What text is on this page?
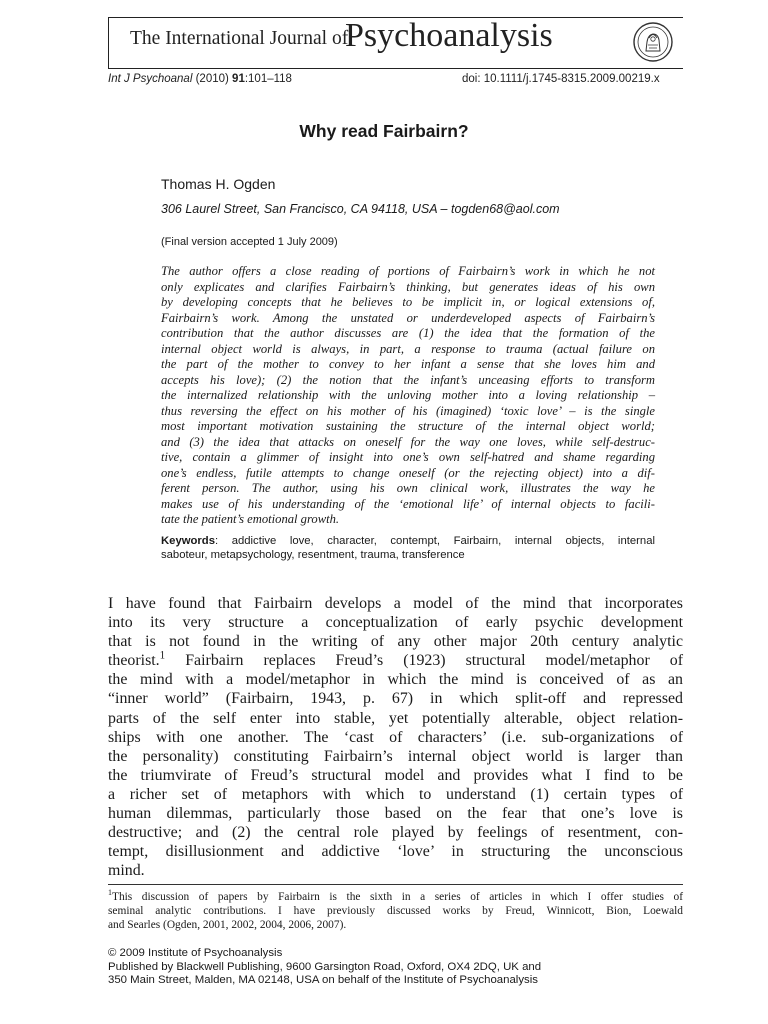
The International Journal of
Psychoanalysis
Int J Psychoanal (2010) 91:101–118	doi: 10.1111/j.1745-8315.2009.00219.x
Why read Fairbairn?
Thomas H. Ogden
306 Laurel Street, San Francisco, CA 94118, USA – togden68@aol.com
(Final version accepted 1 July 2009)
The author offers a close reading of portions of Fairbairn’s work in which he not
only explicates and clarifies Fairbairn’s thinking, but generates ideas of his own
by developing concepts that he believes to be implicit in, or logical extensions of,
Fairbairn’s work. Among the unstated or underdeveloped aspects of Fairbairn’s
contribution that the author discusses are (1) the idea that the formation of the
internal object world is always, in part, a response to trauma (actual failure on
the part of the mother to convey to her infant a sense that she loves him and
accepts his love); (2) the notion that the infant’s unceasing efforts to transform
the internalized relationship with the unloving mother into a loving relationship –
thus reversing the effect on his mother of his (imagined) ‘toxic love’ – is the single
most important motivation sustaining the structure of the internal object world;
and (3) the idea that attacks on oneself for the way one loves, while self-destruc-
tive, contain a glimmer of insight into one’s own self-hatred and shame regarding
one’s endless, futile attempts to change oneself (or the rejecting object) into a dif-
ferent person. The author, using his own clinical work, illustrates the way he
makes use of his understanding of the ‘emotional life’ of internal objects to facili-
tate the patient’s emotional growth.
Keywords: addictive love, character, contempt, Fairbairn, internal objects, internal
saboteur, metapsychology, resentment, trauma, transference
I have found that Fairbairn develops a model of the mind that incorporates
into its very structure a conceptualization of early psychic development
that is not found in the writing of any other major 20th century analytic
theorist.$^1$ Fairbairn replaces Freud’s (1923) structural model/metaphor of
the mind with a model/metaphor in which the mind is conceived of as an
“inner world” (Fairbairn, 1943, p. 67) in which split-off and repressed
parts of the self enter into stable, yet potentially alterable, object relation-
ships with one another. The ‘cast of characters’ (i.e. sub-organizations of
the personality) constituting Fairbairn’s internal object world is larger than
the triumvirate of Freud’s structural model and provides what I find to be
a richer set of metaphors with which to understand (1) certain types of
human dilemmas, particularly those based on the fear that one’s love is
destructive; and (2) the central role played by feelings of resentment, con-
tempt, disillusionment and addictive ‘love’ in structuring the unconscious
mind.
$^1$This discussion of papers by Fairbairn is the sixth in a series of articles in which I offer studies of
seminal analytic contributions. I have previously discussed works by Freud, Winnicott, Bion, Loewald
and Searles (Ogden, 2001, 2002, 2004, 2006, 2007).
© 2009 Institute of Psychoanalysis
Published by Blackwell Publishing, 9600 Garsington Road, Oxford, OX4 2DQ, UK and
350 Main Street, Malden, MA 02148, USA on behalf of the Institute of Psychoanalysis
